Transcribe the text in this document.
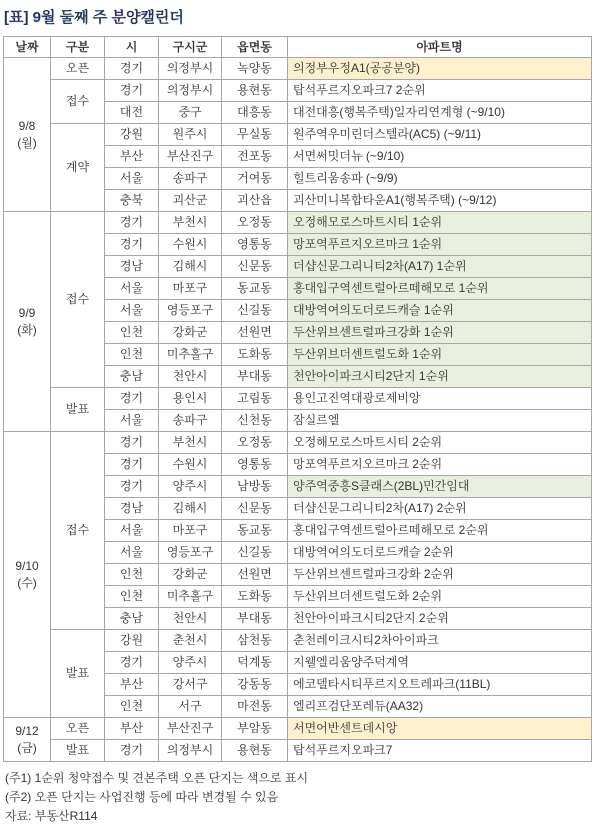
[표] 9월 둘째 주 분양캘린더
날짜	구분	시	구시군	읍면동	아파트명

9/8
(월)	오픈	경기	의정부시	녹양동	의정부우정A1(공공분양)
	접수	경기	의정부시	용현동	탑석푸르지오파크7 2순위
		대전	중구	대흥동	대전대흥(행복주택)일자리연계형 (~9/10)
	계약	강원	원주시	무실동	원주역우미린더스텔라(AC5) (~9/11)
		부산	부산진구	전포동	서면써밋더뉴 (~9/10)
		서울	송파구	거여동	힐트리움송파 (~9/9)
		충북	괴산군	괴산읍	괴산미니복합타운A1(행복주택) (~9/12)

9/9
(화)	접수	경기	부천시	오정동	오정해모로스마트시티 1순위
		경기	수원시	영통동	망포역푸르지오르마크 1순위
		경남	김해시	신문동	더샵신문그리니티2차(A17) 1순위
		서울	마포구	동교동	홍대입구역센트럴아르떼해모로 1순위
		서울	영등포구	신길동	대방역여의도더로드캐슬 1순위
		인천	강화군	선원면	두산위브센트럴파크강화 1순위
		인천	미추홀구	도화동	두산위브더센트럴도화 1순위
		충남	천안시	부대동	천안아이파크시티2단지 1순위
	발표	경기	용인시	고림동	용인고진역대광로제비앙
		서울	송파구	신천동	잠실르엘

9/10
(수)	접수	경기	부천시	오정동	오정해모로스마트시티 2순위
		경기	수원시	영통동	망포역푸르지오르마크 2순위
		경기	양주시	남방동	양주역중흥S클래스(2BL)민간임대
		경남	김해시	신문동	더샵신문그리니티2차(A17) 2순위
		서울	마포구	동교동	홍대입구역센트럴아르떼해모로 2순위
		서울	영등포구	신길동	대방역여의도더로드캐슬 2순위
		인천	강화군	선원면	두산위브센트럴파크강화 2순위
		인천	미추홀구	도화동	두산위브더센트럴도화 2순위
		충남	천안시	부대동	천안아이파크시티2단지 2순위
	발표	강원	춘천시	삼천동	춘천레이크시티2차아이파크
		경기	양주시	덕계동	지웰엘리움양주덕계역
		부산	강서구	강동동	에코델타시티푸르지오트레파크(11BL)
		인천	서구	마전동	엘리프검단포레듀(AA32)

9/12
(금)	오픈	부산	부산진구	부암동	서면어반센트데시앙
	발표	경기	의정부시	용현동	탑석푸르지오파크7
(주1) 1순위 청약접수 및 견본주택 오픈 단지는 색으로 표시
(주2) 오픈 단지는 사업진행 등에 따라 변경될 수 있음
자료: 부동산R114
